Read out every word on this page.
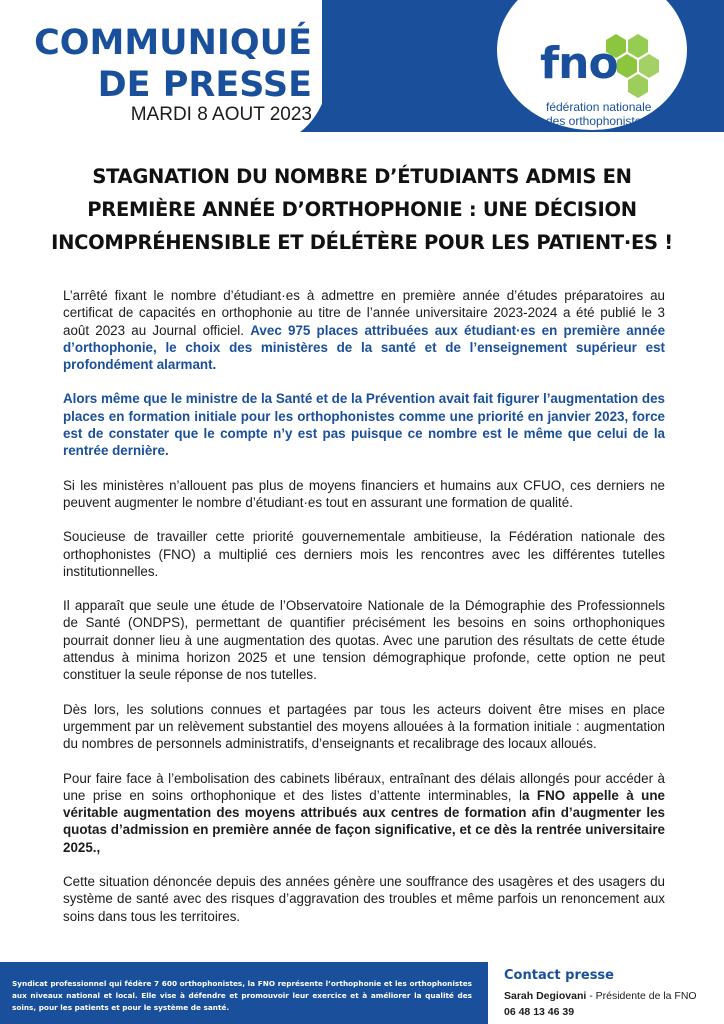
COMMUNIQUÉ
DE PRESSE
MARDI 8 AOUT 2023
fno
fédération nationale
des orthophonistes
STAGNATION DU NOMBRE D’ÉTUDIANTS ADMIS EN
PREMIÈRE ANNÉE D’ORTHOPHONIE : UNE DÉCISION
INCOMPRÉHENSIBLE ET DÉLÉTÈRE POUR LES PATIENT·ES !

L’arrêté fixant le nombre d’étudiant·es à admettre en première année d’études préparatoires au certificat de capacités en orthophonie au titre de l’année universitaire 2023-2024 a été publié le 3 août 2023 au Journal officiel. Avec 975 places attribuées aux étudiant·es en première année d’orthophonie, le choix des ministères de la santé et de l’enseignement supérieur est profondément alarmant.

Alors même que le ministre de la Santé et de la Prévention avait fait figurer l’augmentation des places en formation initiale pour les orthophonistes comme une priorité en janvier 2023, force est de constater que le compte n’y est pas puisque ce nombre est le même que celui de la rentrée dernière.

Si les ministères n’allouent pas plus de moyens financiers et humains aux CFUO, ces derniers ne peuvent augmenter le nombre d’étudiant·es tout en assurant une formation de qualité.

Soucieuse de travailler cette priorité gouvernementale ambitieuse, la Fédération nationale des orthophonistes (FNO) a multiplié ces derniers mois les rencontres avec les différentes tutelles institutionnelles.

Il apparaît que seule une étude de l’Observatoire Nationale de la Démographie des Professionnels de Santé (ONDPS), permettant de quantifier précisément les besoins en soins orthophoniques pourrait donner lieu à une augmentation des quotas. Avec une parution des résultats de cette étude attendus à minima horizon 2025 et une tension démographique profonde, cette option ne peut constituer la seule réponse de nos tutelles.

Dès lors, les solutions connues et partagées par tous les acteurs doivent être mises en place urgemment par un relèvement substantiel des moyens allouées à la formation initiale : augmentation du nombres de personnels administratifs, d’enseignants et recalibrage des locaux alloués.

Pour faire face à l’embolisation des cabinets libéraux, entraînant des délais allongés pour accéder à une prise en soins orthophonique et des listes d’attente interminables, la FNO appelle à une véritable augmentation des moyens attribués aux centres de formation afin d’augmenter les quotas d’admission en première année de façon significative, et ce dès la rentrée universitaire 2025.,

Cette situation dénoncée depuis des années génère une souffrance des usagères et des usagers du système de santé avec des risques d’aggravation des troubles et même parfois un renoncement aux soins dans tous les territoires.

Syndicat professionnel qui fédère 7 600 orthophonistes, la FNO représente l’orthophonie et les orthophonistes aux niveaux national et local. Elle vise à défendre et promouvoir leur exercice et à améliorer la qualité des soins, pour les patients et pour le système de santé.
Contact presse
Sarah Degiovani - Présidente de la FNO
06 48 13 46 39
